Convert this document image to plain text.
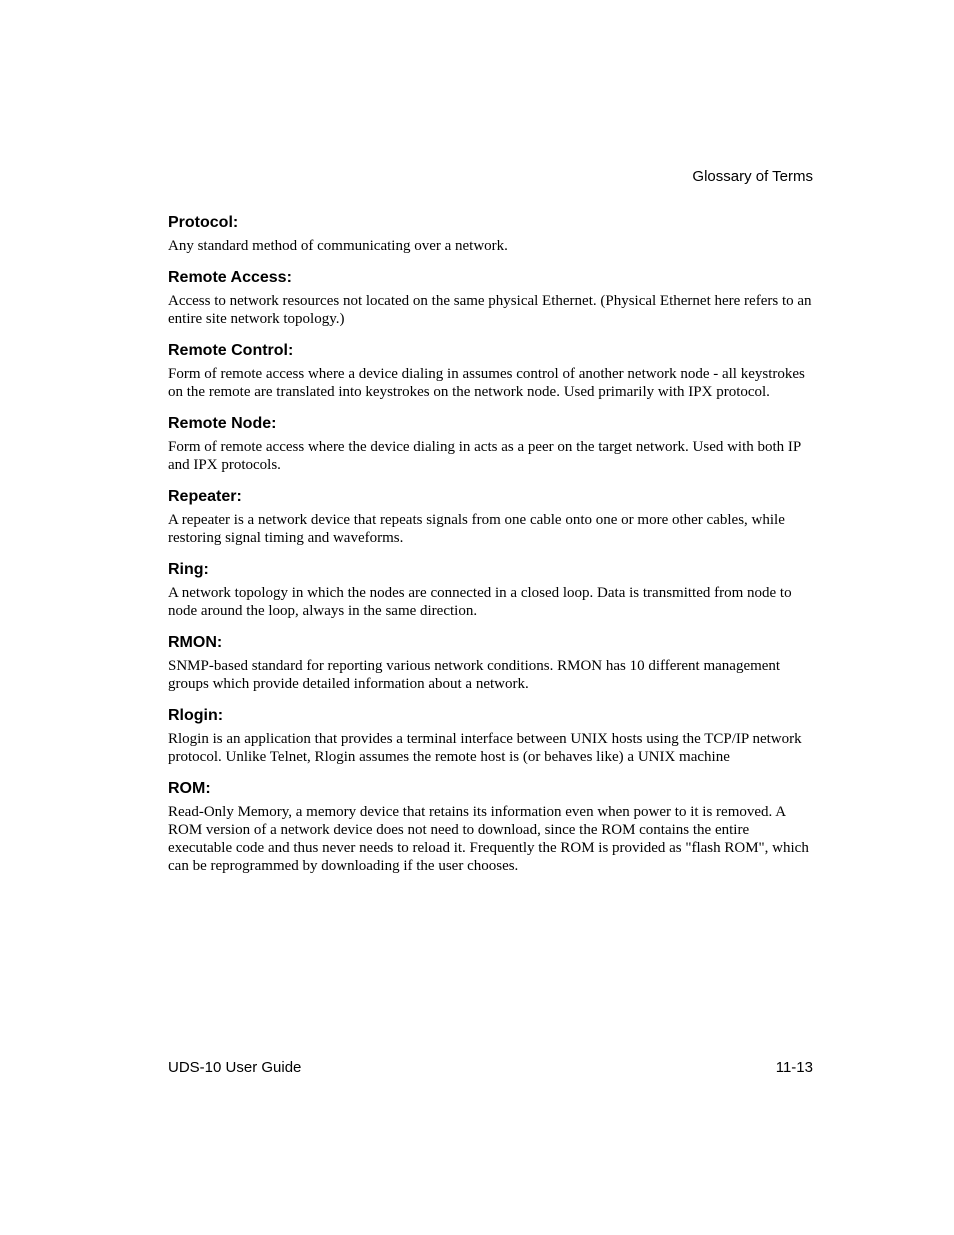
Glossary of Terms
Protocol:

Any standard method of communicating over a network.

Remote Access:

Access to network resources not located on the same physical Ethernet. (Physical Ethernet here refers to an entire site network topology.)

Remote Control:

Form of remote access where a device dialing in assumes control of another network node - all keystrokes on the remote are translated into keystrokes on the network node. Used primarily with IPX protocol.

Remote Node:

Form of remote access where the device dialing in acts as a peer on the target network. Used with both IP and IPX protocols.

Repeater:

A repeater is a network device that repeats signals from one cable onto one or more other cables, while restoring signal timing and waveforms.

Ring:

A network topology in which the nodes are connected in a closed loop. Data is transmitted from node to node around the loop, always in the same direction.

RMON:

SNMP-based standard for reporting various network conditions. RMON has 10 different management groups which provide detailed information about a network.

Rlogin:

Rlogin is an application that provides a terminal interface between UNIX hosts using the TCP/IP network protocol. Unlike Telnet, Rlogin assumes the remote host is (or behaves like) a UNIX machine

ROM:

Read-Only Memory, a memory device that retains its information even when power to it is removed. A ROM version of a network device does not need to download, since the ROM contains the entire executable code and thus never needs to reload it. Frequently the ROM is provided as "flash ROM", which can be reprogrammed by downloading if the user chooses.

UDS-10 User Guide	11-13
